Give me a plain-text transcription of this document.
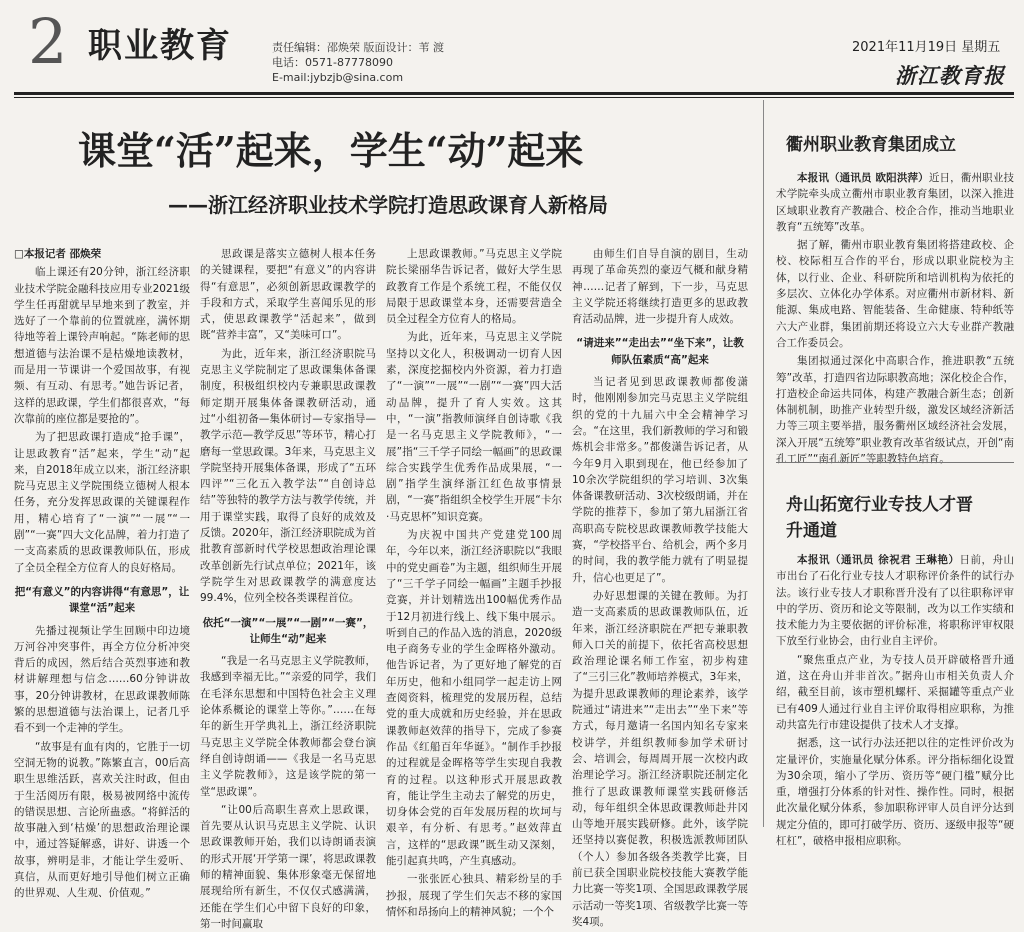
2 职业教育	责任编辑：邵焕荣 版面设计：苇 渡
电话：0571-87778090
E-mail:jybzjb@sina.com
2021年11月19日 星期五
浙江教育报
课堂“活”起来，学生“动”起来
——浙江经济职业技术学院打造思政课育人新格局

□本报记者 邵焕荣

临上课还有20分钟，浙江经济职业技术学院金融科技应用专业2021级学生任再甜就早早地来到了教室，并选好了一个靠前的位置就座，满怀期待地等着上课铃声响起。“陈老师的思想道德与法治课不是枯燥地读教材，而是用一节课讲一个爱国故事，有视频、有互动、有思考。”她告诉记者，这样的思政课，学生们都很喜欢，“每次靠前的座位都是要抢的”。

为了把思政课打造成“抢手课”，让思政教育“活”起来，学生“动”起来，自2018年成立以来，浙江经济职院马克思主义学院围绕立德树人根本任务，充分发挥思政课的关键课程作用，精心培育了“一演”“一展”“一剧”“一赛”四大文化品牌，着力打造了一支高素质的思政课教师队伍，形成了全员全程全方位育人的良好格局。

把“有意义”的内容讲得“有意思”，让课堂“活”起来

先播过视频让学生回顾中印边境万河谷冲突事件，再全方位分析冲突背后的成因，然后结合英烈事迹和教材讲解理想与信念……60分钟讲故事，20分钟讲教材，在思政课教师陈繁的思想道德与法治课上，记者几乎看不到一个走神的学生。

“故事是有血有肉的，它胜于一切空洞无物的说教。”陈繁直言，00后高职生思维活跃，喜欢关注时政，但由于生活阅历有限，极易被网络中流传的错误思想、言论所蛊惑。“将鲜活的故事融入到‘枯燥’的思想政治理论课中，通过答疑解惑，讲好、讲透一个故事，辨明是非，才能让学生爱听、真信，从而更好地引导他们树立正确的世界观、人生观、价值观。”

思政课是落实立德树人根本任务的关键课程，要把“有意义”的内容讲得“有意思”，必须创新思政课教学的手段和方式，采取学生喜闻乐见的形式，使思政课教学“活起来”，做到既“营养丰富”，又“美味可口”。

为此，近年来，浙江经济职院马克思主义学院制定了思政课集体备课制度，积极组织校内专兼职思政课教师定期开展集体备课教研活动，通过“小组初备—集体研讨—专家指导—教学示范—教学反思”等环节，精心打磨每一堂思政课。3年来，马克思主义学院坚持开展集体备课，形成了“五环四评”“三化五入教学法”“自创诗总结”等独特的教学方法与教学传统，并用于课堂实践，取得了良好的成效及反馈。2020年，浙江经济职院成为首批教育部新时代学校思想政治理论课改革创新先行试点单位；2021年，该学院学生对思政课教学的满意度达99.4%，位列全校各类课程首位。

依托“一演”“一展”“一剧”“一赛”，让师生“动”起来

“我是一名马克思主义学院教师，我感到幸福无比。”“亲爱的同学，我们在毛泽东思想和中国特色社会主义理论体系概论的课堂上等你。”……在每年的新生开学典礼上，浙江经济职院马克思主义学院全体教师都会登台演绎自创诗朗诵——《我是一名马克思主义学院教师》，这是该学院的第一堂“思政课”。

“让00后高职生喜欢上思政课，首先要从认识马克思主义学院、认识思政课教师开始，我们以诗朗诵表演的形式开展‘开学第一课’，将思政课教师的精神面貌、集体形象毫无保留地展现给所有新生，不仅仅式感满满，还能在学生们心中留下良好的印象，第一时间赢取

上思政课教师。”马克思主义学院院长梁丽华告诉记者，做好大学生思政教育工作是个系统工程，不能仅仅局限于思政课堂本身，还需要营造全员全过程全方位育人的格局。

为此，近年来，马克思主义学院坚持以文化人，积极调动一切育人因素，深度挖掘校内外资源，着力打造了“一演”“一展”“一剧”“一赛”四大活动品牌，提升了育人实效。这其中，“一演”指教师演绎自创诗歌《我是一名马克思主义学院教师》，“一展”指“三千学子同绘一幅画”的思政课综合实践学生优秀作品成果展，“一剧”指学生演绎浙江红色故事情景剧，“一赛”指组织全校学生开展“卡尔·马克思杯”知识竞赛。

为庆祝中国共产党建党100周年，今年以来，浙江经济职院以“我眼中的党史画卷”为主题，组织师生开展了“三千学子同绘一幅画”主题手抄报竞赛，并计划精选出100幅优秀作品于12月初进行线上、线下集中展示。听到自己的作品入选的消息，2020级电子商务专业的学生金晖格外激动。他告诉记者，为了更好地了解党的百年历史，他和小组同学一起走访上网查阅资料，梳理党的发展历程，总结党的重大成就和历史经验，并在思政课教师赵效萍的指导下，完成了参赛作品《红船百年华诞》。“制作手抄报的过程就是金晖格等学生实现自我教育的过程。以这种形式开展思政教育，能让学生主动去了解党的历史，切身体会党的百年发展历程的坎坷与艰辛，有分析、有思考。”赵效萍直言，这样的“思政课”既生动又深刻，能引起真共鸣，产生真感动。

一张张匠心独具、精彩纷呈的手抄报，展现了学生们矢志不移的家国情怀和昂扬向上的精神风貌；一个个

由师生们自导自演的剧目，生动再现了革命英烈的豪迈气概和献身精神……记者了解到，下一步，马克思主义学院还将继续打造更多的思政教育活动品牌，进一步提升育人成效。

“请进来”“走出去”“坐下来”，让教师队伍素质“高”起来

当记者见到思政课教师都俊潇时，他刚刚参加完马克思主义学院组织的党的十九届六中全会精神学习会。“在这里，我们新教师的学习和锻炼机会非常多。”都俊潇告诉记者，从今年9月入职到现在，他已经参加了10余次学院组织的学习培训、3次集体备课教研活动、3次校级朗诵，并在学院的推荐下，参加了第九届浙江省高职高专院校思政课教师教学技能大赛，“学校搭平台、给机会，两个多月的时间，我的教学能力就有了明显提升，信心也更足了”。

办好思想课的关键在教师。为打造一支高素质的思政课教师队伍，近年来，浙江经济职院在严把专兼职教师入口关的前提下，依托省高校思想政治理论课名师工作室，初步构建了“三引三化”教师培养模式，3年来，为提升思政课教师的理论素养，该学院通过“请进来”“走出去”“坐下来”等方式，每月邀请一名国内知名专家来校讲学，并组织教师参加学术研讨会、培训会，每周周开展一次校内政治理论学习。浙江经济职院还制定化推行了思政课教师课堂实践研修活动，每年组织全体思政课教师赴井冈山等地开展实践研修。此外，该学院还坚持以赛促教，积极选派教师团队（个人）参加各级各类教学比赛，目前已获全国职业院校技能大赛教学能力比赛一等奖1项、全国思政课教学展示活动一等奖1项、省级教学比赛一等奖4项。

衢州职业教育集团成立

本报讯（通讯员 欧阳洪萍）近日，衢州职业技术学院牵头成立衢州市职业教育集团，以深入推进区域职业教育产教融合、校企合作，推动当地职业教育“五统筹”改革。

据了解，衢州市职业教育集团将搭建政校、企校、校际相互合作的平台，形成以职业院校为主体，以行业、企业、科研院所和培训机构为依托的多层次、立体化办学体系。对应衢州市新材料、新能源、集成电路、智能装备、生命健康、特种纸等六大产业群，集团前期还将设立六大专业群产教融合工作委员会。

集团拟通过深化中高职合作，推进职教“五统筹”改革，打造四省边际职教高地；深化校企合作，打造校企命运共同体，构建产教融合新生态；创新体制机制，助推产业转型升级，激发区域经济新活力等三项主要举措，服务衢州区域经济社会发展，深入开展“五统筹”职业教育改革省级试点，开创“南孔工匠”“南孔新匠”等职教特色培育。

舟山拓宽行业专技人才晋升通道

本报讯（通讯员 徐祝君 王琳艳）日前，舟山市出台了石化行业专技人才职称评价条件的试行办法。该行业专技人才职称晋升没有了以往职称评审中的学历、资历和论文等限制，改为以工作实绩和技术能力为主要依据的评价标准，将职称评审权限下放至行业协会，由行业自主评价。

“聚焦重点产业，为专技人员开辟破格晋升通道，这在舟山并非首次。”据舟山市相关负责人介绍，截至目前，该市塑机螺杆、采掘罐等重点产业已有409人通过行业自主评价取得相应职称，为推动共富先行市建设提供了技术人才支撑。

据悉，这一试行办法还把以往的定性评价改为定量评价，实施量化赋分体系。评分指标细化设置为30余项，缩小了学历、资历等“硬门槛”赋分比重，增强打分体系的针对性、操作性。同时，根据此次量化赋分体系，参加职称评审人员自评分达到规定分值的，即可打破学历、资历、逐级申报等“硬杠杠”，破格申报相应职称。
